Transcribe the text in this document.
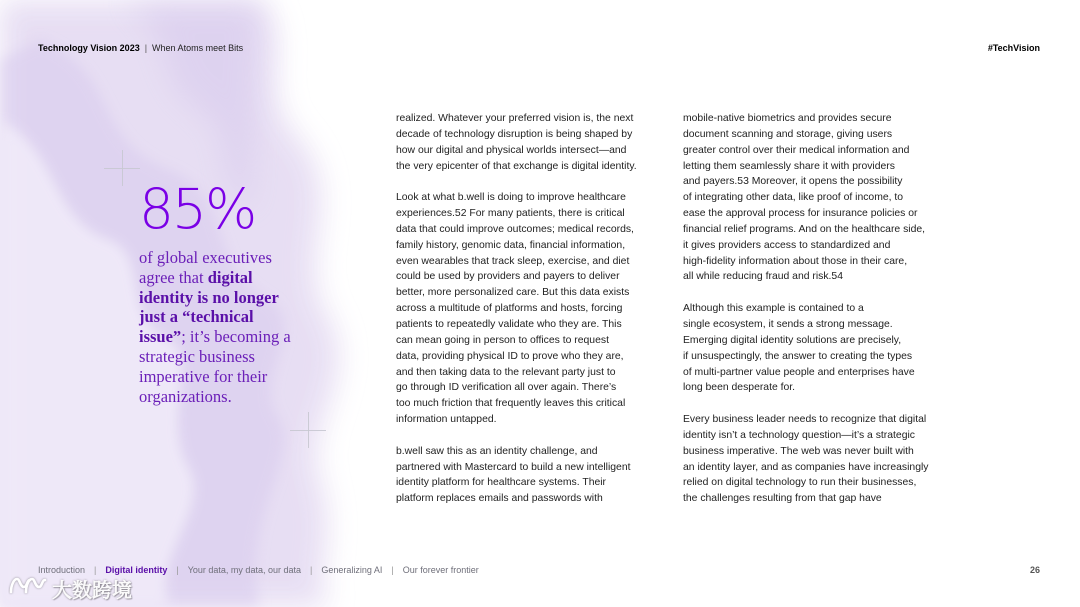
Technology Vision 2023 | When Atoms meet Bits	#TechVision
85%
of global executives agree that digital identity is no longer just a “technical issue”; it’s becoming a strategic business imperative for their organizations.

realized. Whatever your preferred vision is, the next
decade of technology disruption is being shaped by
how our digital and physical worlds intersect—and
the very epicenter of that exchange is digital identity.

Look at what b.well is doing to improve healthcare
experiences.52 For many patients, there is critical
data that could improve outcomes; medical records,
family history, genomic data, financial information,
even wearables that track sleep, exercise, and diet
could be used by providers and payers to deliver
better, more personalized care. But this data exists
across a multitude of platforms and hosts, forcing
patients to repeatedly validate who they are. This
can mean going in person to offices to request
data, providing physical ID to prove who they are,
and then taking data to the relevant party just to
go through ID verification all over again. There’s
too much friction that frequently leaves this critical
information untapped.

b.well saw this as an identity challenge, and
partnered with Mastercard to build a new intelligent
identity platform for healthcare systems. Their
platform replaces emails and passwords with

mobile-native biometrics and provides secure
document scanning and storage, giving users
greater control over their medical information and
letting them seamlessly share it with providers
and payers.53 Moreover, it opens the possibility
of integrating other data, like proof of income, to
ease the approval process for insurance policies or
financial relief programs. And on the healthcare side,
it gives providers access to standardized and
high-fidelity information about those in their care,
all while reducing fraud and risk.54

Although this example is contained to a
single ecosystem, it sends a strong message.
Emerging digital identity solutions are precisely,
if unsuspectingly, the answer to creating the types
of multi-partner value people and enterprises have
long been desperate for.

Every business leader needs to recognize that digital
identity isn’t a technology question—it’s a strategic
business imperative. The web was never built with
an identity layer, and as companies have increasingly
relied on digital technology to run their businesses,
the challenges resulting from that gap have

Introduction | Digital identity | Your data, my data, our data | Generalizing AI | Our forever frontier	26
大数跨境
